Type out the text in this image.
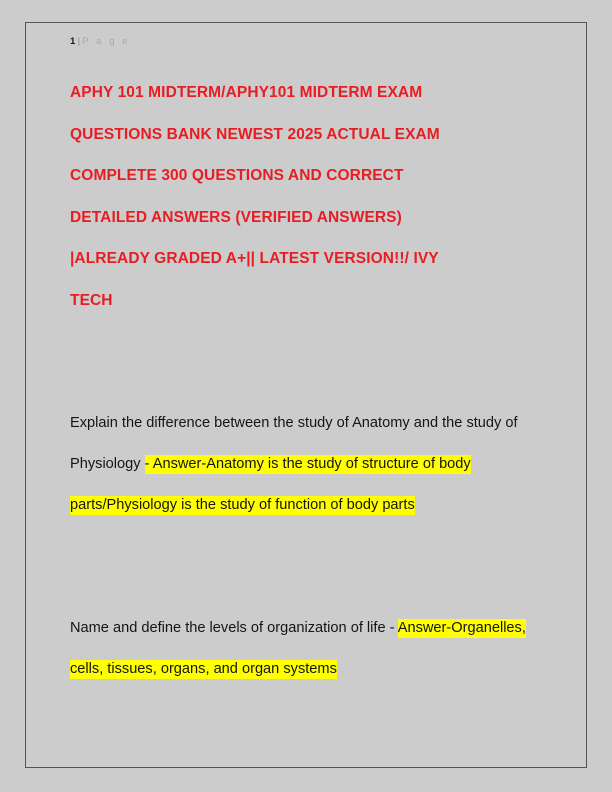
1 | P a g e
APHY 101 MIDTERM/APHY101 MIDTERM EXAM
QUESTIONS BANK NEWEST 2025 ACTUAL EXAM
COMPLETE 300 QUESTIONS AND CORRECT
DETAILED ANSWERS (VERIFIED ANSWERS)
|ALREADY GRADED A+|| LATEST VERSION!!/ IVY
TECH
Explain the difference between the study of Anatomy and the study of Physiology - Answer-Anatomy is the study of structure of body parts/Physiology is the study of function of body parts
Name and define the levels of organization of life - Answer-Organelles, cells, tissues, organs, and organ systems
